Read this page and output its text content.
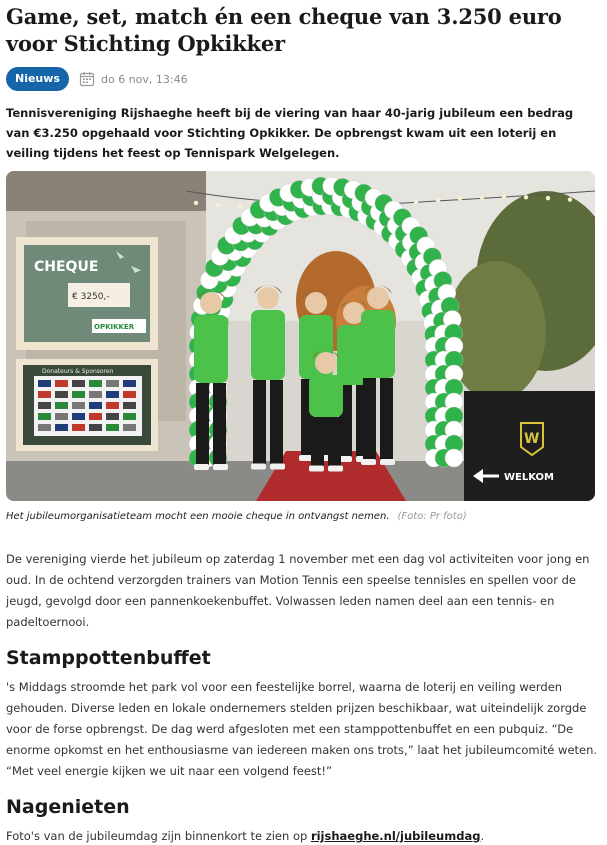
Game, set, match én een cheque van 3.250 euro voor Stichting Opkikker
Nieuws	do 6 nov, 13:46

Tennisvereniging Rijshaeghe heeft bij de viering van haar 40-jarig jubileum een bedrag van €3.250 opgehaald voor Stichting Opkikker. De opbrengst kwam uit een loterij en veiling tijdens het feest op Tennispark Welgelegen.

CHEQUE
€ 3250,-
OPKIKKER
Donateurs & Sponsoren
W
WELKOM

Het jubileumorganisatieteam mocht een mooie cheque in ontvangst nemen. (Foto: Pr foto)

De vereniging vierde het jubileum op zaterdag 1 november met een dag vol activiteiten voor jong en oud. In de ochtend verzorgden trainers van Motion Tennis een speelse tennisles en spellen voor de jeugd, gevolgd door een pannenkoekenbuffet. Volwassen leden namen deel aan een tennis- en padeltoernooi.

Stamppottenbuffet

's Middags stroomde het park vol voor een feestelijke borrel, waarna de loterij en veiling werden gehouden. Diverse leden en lokale ondernemers stelden prijzen beschikbaar, wat uiteindelijk zorgde voor de forse opbrengst. De dag werd afgesloten met een stamppottenbuffet en een pubquiz. “De enorme opkomst en het enthousiasme van iedereen maken ons trots,” laat het jubileumcomité weten. “Met veel energie kijken we uit naar een volgend feest!”

Nagenieten

Foto's van de jubileumdag zijn binnenkort te zien op rijshaeghe.nl/jubileumdag.
